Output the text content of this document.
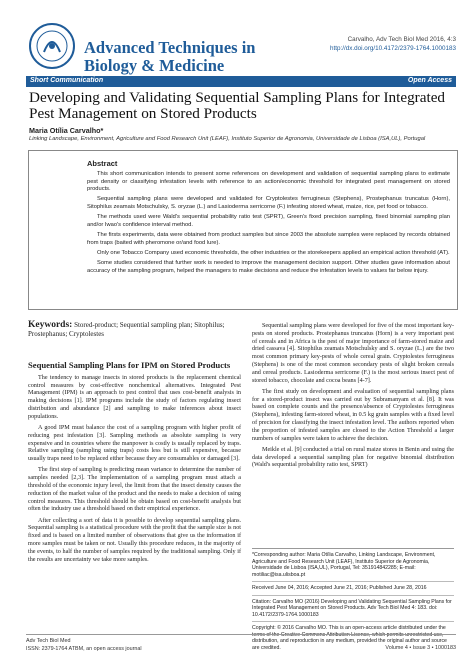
Advanced Techniques in
Biology & Medicine
Carvalho, Adv Tech Biol Med 2016, 4:3
http://dx.doi.org/10.4172/2379-1764.1000183
Short Communication	Open Access
Developing and Validating Sequential Sampling Plans for Integrated Pest Management on Stored Products
Maria Otília Carvalho*
Linking Landscape, Environment, Agriculture and Food Research Unit (LEAF), Instituto Superior de Agronomia, Universidade de Lisboa (ISA,UL), Portugal
Abstract

This short communication intends to present some references on development and validation of sequential sampling plans to estimate pest density or classifying infestation levels with reference to an action/economic threshold for integrated pest management on stored products.

Sequential sampling plans were developed and validated for Cryptolestes ferrugineus (Stephens), Prostephanus truncatus (Horn), Sitophilus zeamais Motschulsky, S. oryzae (L.) and Lasioderma serricorne (F.) infesting stored wheat, maize, rice, pet food or tobacco.

The methods used were Wald's sequential probability ratio test (SPRT), Green's fixed precision sampling, fixed binomial sampling plan and/or Iwao's confidence interval method.

The firsts experiments, data were obtained from product samples but since 2003 the absolute samples were replaced by records obtained from traps (baited with pheromone or/and food lure).

Only one Tobacco Company used economic thresholds, the other industries or the storekeepers applied an empirical action threshold (AT).

Some studies considered that further work is needed to improve the management decision support. Other studies gave information about accuracy of the sampling program, helped the managers to make decisions and reduce the infestation levels to values far below injury.

Keywords: Stored-product; Sequential sampling plan; Sitophilus; Prostephanus; Cryptolestes

Sequential Sampling Plans for IPM on Stored Products

The tendency to manage insects in stored products is the replacement chemical control measures by cost-effective nonchemical alternatives. Integrated Pest Management (IPM) is an approach to pest control that uses cost-benefit analysis in making decisions [1]. IPM programs include the study of factors regulating insect distribution and abundance [2] and sampling to make inferences about insect populations.

A good IPM must balance the cost of a sampling program with higher profit of reducing pest infestation [3]. Sampling methods as absolute sampling is very expensive and in countries where the manpower is costly is usually replaced by traps. Relative sampling (sampling using traps) costs less but is still expensive, because usually traps need to be replaced either because they are consumables or damaged [3].

The first step of sampling is predicting mean variance to determine the number of samples needed [2,3]. The implementation of a sampling program must attach a threshold of the economic injury level, the limit from that the insect density causes the reduction of the market value of the product and the needs to make a decision of using control measures. This threshold should be obtain based on cost-benefit analysis but often the industry use a threshold based on their empirical experience.

After collecting a sort of data it is possible to develop sequential sampling plans. Sequential sampling is a statistical procedure with the profit that the sample size is not fixed and is based on a limited number of observations that give us the information if more samples must be taken or not. Usually this procedure reduces, in the majority of the events, to half the number of samples required by the traditional sampling. Only if the results are uncertainty we take more samples.

Sequential sampling plans were developed for five of the most important key-pests on stored products. Prostephanus truncatus (Horn) is a very important pest of cereals and in Africa is the pest of major importance of farm-stored maize and dried cassava [4]. Sitophilus zeamais Motschulsky and S. oryzae (L.) are the two most common primary key-pests of whole cereal grain. Cryptolestes ferrugineus (Stephens) is one of the most common secondary pests of slight broken cereals and cereal products. Lasioderma serricorne (F.) is the most serious insect pest of stored tobacco, chocolate and cocoa beans [4-7].

The first study on development and evaluation of sequential sampling plans for a stored-product insect was carried out by Subramanyam et al. [8]. It was based on complete counts and the presence/absence of Cryptolestes ferrugineus (Stephens), infesting farm-stored wheat, in 0.5 kg grain samples with a fixed level of precision for classifying the insect infestation level. The authors reported when the proportion of infested samples are closed to the Action Threshold a larger numbers of samples were taken to achieve the decision.

Meikle et al. [9] conducted a trial on rural maize stores in Benin and using the data developed a sequential sampling plan for negative binomial distribution (Wald's sequential probability ratio test, SPRT)

*Corresponding author: Maria Otília Carvalho, Linking Landscape, Environment, Agriculture and Food Research Unit (LEAF), Instituto Superior de Agronomia, Universidade de Lisboa (ISA,UL), Portugal, Tel: 351914842285; E-mail: motiliac@isa.ulisboa.pt

Received June 04, 2016; Accepted June 21, 2016; Published June 28, 2016

Citation: Carvalho MO (2016) Developing and Validating Sequential Sampling Plans for Integrated Pest Management on Stored Products. Adv Tech Biol Med 4: 183. doi: 10.4172/2379-1764.1000183

Copyright: © 2016 Carvalho MO. This is an open-access article distributed under the terms of the Creative Commons Attribution License, which permits unrestricted use, distribution, and reproduction in any medium, provided the original author and source are credited.

Adv Tech Biol Med
ISSN: 2379-1764 ATBM, an open access journal	Volume 4 • Issue 3 • 1000183
